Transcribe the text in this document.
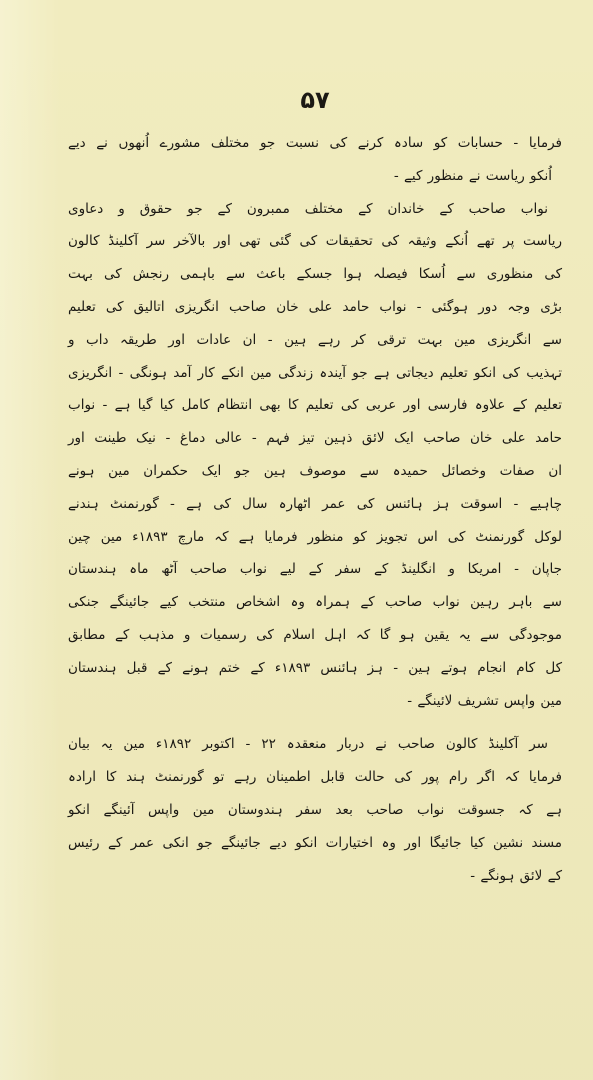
۵۷
فرمایا - حسابات کو سادہ کرنے کی نسبت جو مختلف مشورے اُنھوں نے دیے
اُنکو ریاست نے منظور کیے -
نواب صاحب کے خاندان کے مختلف ممبرون کے جو حقوق و دعاوی
ریاست پر تھے اُنکے وثیقہ کی تحقیقات کی گئی تھی اور بالآخر سر آکلینڈ کالون
کی منظوری سے اُسکا فیصلہ ہوا جسکے باعث سے باہمی رنجش کی بہت
بڑی وجہ دور ہوگئی - نواب حامد علی خان صاحب انگریزی اتالیق کی تعلیم
سے انگریزی مین بہت ترقی کر رہے ہین - ان عادات اور طریقہ داب و
تہذیب کی انکو تعلیم دیجاتی ہے جو آیندہ زندگی مین انکے کار آمد ہونگی - انگریزی
تعلیم کے علاوہ فارسی اور عربی کی تعلیم کا بھی انتظام کامل کیا گیا ہے - نواب
حامد علی خان صاحب ایک لائق ذہین تیز فہم - عالی دماغ - نیک طینت اور
ان صفات وخصائل حمیدہ سے موصوف ہین جو ایک حکمران مین ہونے
چاہیے - اسوقت ہز ہائنس کی عمر اٹھارہ سال کی ہے - گورنمنٹ ہندنے
لوکل گورنمنٹ کی اس تجویز کو منظور فرمایا ہے کہ مارچ ۱۸۹۳ء مین چین
جاپان - امریکا و انگلینڈ کے سفر کے لیے نواب صاحب آٹھ ماہ ہندستان
سے باہر رہین نواب صاحب کے ہمراہ وہ اشخاص منتخب کیے جائینگے جنکی
موجودگی سے یہ یقین ہو گا کہ اہل اسلام کی رسمیات و مذہب کے مطابق
کل کام انجام ہوتے ہین - ہز ہائنس ۱۸۹۳ء کے ختم ہونے کے قبل ہندستان
مین واپس تشریف لائینگے -
سر آکلینڈ کالون صاحب نے دربار منعقدہ ۲۲ - اکتوبر ۱۸۹۲ء مین یہ بیان
فرمایا کہ اگر رام پور کی حالت قابل اطمینان رہے تو گورنمنٹ ہند کا ارادہ
ہے کہ جسوقت نواب صاحب بعد سفر ہندوستان مین واپس آئینگے انکو
مسند نشین کیا جائیگا اور وہ اختیارات انکو دیے جائینگے جو انکی عمر کے رئیس
کے لائق ہونگے -
